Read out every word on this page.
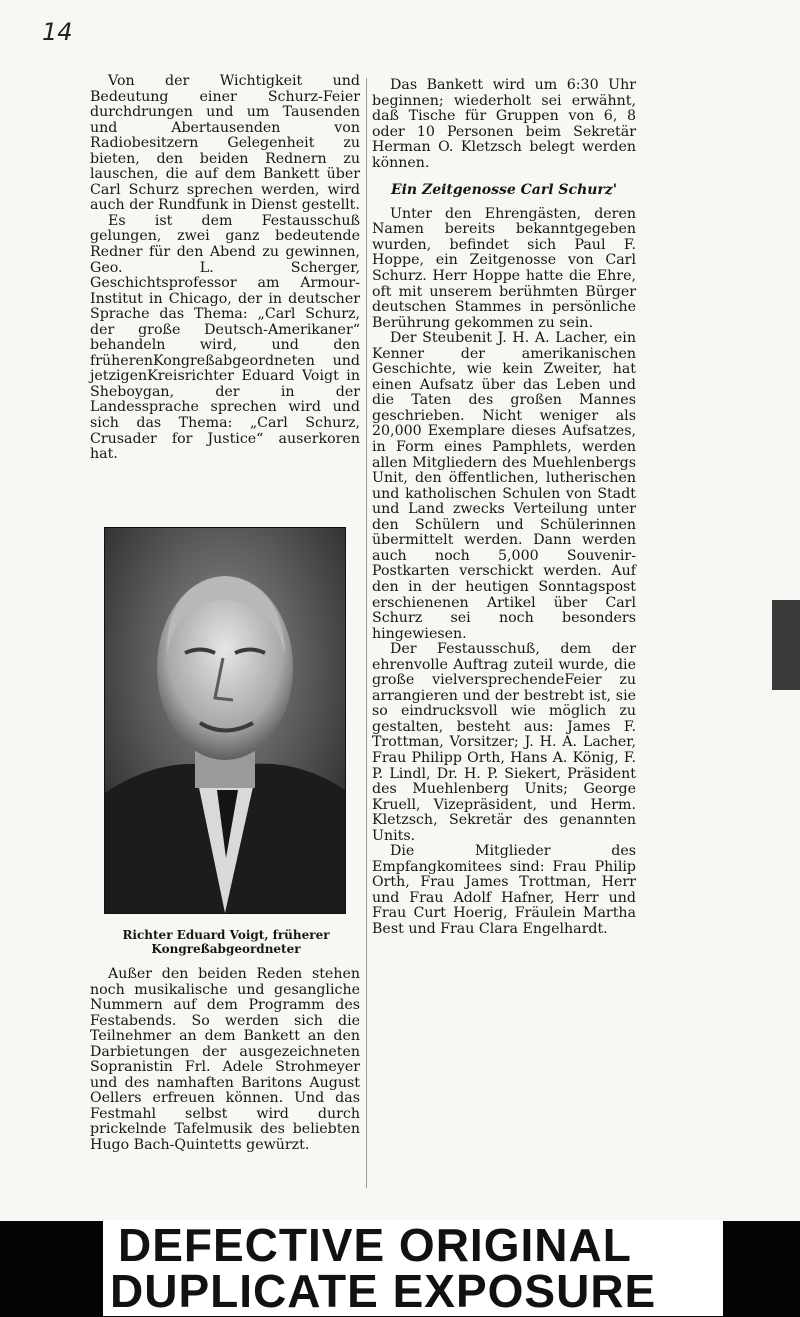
14

Von der Wichtigkeit und Bedeutung einer Schurz-Feier durchdrungen und um Tausenden und Abertausenden von Radiobesitzern Gelegenheit zu bieten, den beiden Rednern zu lauschen, die auf dem Bankett über Carl Schurz sprechen werden, wird auch der Rundfunk in Dienst gestellt.

Es ist dem Festausschuß gelungen, zwei ganz bedeutende Redner für den Abend zu gewinnen, Geo. L. Scherger, Geschichtsprofessor am Armour-Institut in Chicago, der in deutscher Sprache das Thema: „Carl Schurz, der große Deutsch-Amerikaner“ behandeln wird, und den früherenKongreßabgeordneten und jetzigenKreisrichter Eduard Voigt in Sheboygan, der in der Landessprache sprechen wird und sich das Thema: „Carl Schurz, Crusader for Justice“ auserkoren hat.

Richter Eduard Voigt, früherer Kongreßabgeordneter

Außer den beiden Reden stehen noch musikalische und gesangliche Nummern auf dem Programm des Festabends. So werden sich die Teilnehmer an dem Bankett an den Darbietungen der ausgezeichneten Sopranistin Frl. Adele Strohmeyer und des namhaften Baritons August Oellers erfreuen können. Und das Festmahl selbst wird durch prickelnde Tafelmusik des beliebten Hugo Bach-Quintetts gewürzt.

Das Bankett wird um 6:30 Uhr beginnen; wiederholt sei erwähnt, daß Tische für Gruppen von 6, 8 oder 10 Personen beim Sekretär Herman O. Kletzsch belegt werden können.

Ein Zeitgenosse Carl Schurz'

Unter den Ehrengästen, deren Namen bereits bekanntgegeben wurden, befindet sich Paul F. Hoppe, ein Zeitgenosse von Carl Schurz. Herr Hoppe hatte die Ehre, oft mit unserem berühmten Bürger deutschen Stammes in persönliche Berührung gekommen zu sein.

Der Steubenit J. H. A. Lacher, ein Kenner der amerikanischen Geschichte, wie kein Zweiter, hat einen Aufsatz über das Leben und die Taten des großen Mannes geschrieben. Nicht weniger als 20,000 Exemplare dieses Aufsatzes, in Form eines Pamphlets, werden allen Mitgliedern des Muehlenbergs Unit, den öffentlichen, lutherischen und katholischen Schulen von Stadt und Land zwecks Verteilung unter den Schülern und Schülerinnen übermittelt werden. Dann werden auch noch 5,000 Souvenir-Postkarten verschickt werden. Auf den in der heutigen Sonntagspost erschienenen Artikel über Carl Schurz sei noch besonders hingewiesen.

Der Festausschuß, dem der ehrenvolle Auftrag zuteil wurde, die große vielversprechendeFeier zu arrangieren und der bestrebt ist, sie so eindrucksvoll wie möglich zu gestalten, besteht aus: James F. Trottman, Vorsitzer; J. H. A. Lacher, Frau Philipp Orth, Hans A. König, F. P. Lindl, Dr. H. P. Siekert, Präsident des Muehlenberg Units; George Kruell, Vizepräsident, und Herm. Kletzsch, Sekretär des genannten Units.

Die Mitglieder des Empfangkomitees sind: Frau Philip Orth, Frau James Trottman, Herr und Frau Adolf Hafner, Herr und Frau Curt Hoerig, Fräulein Martha Best und Frau Clara Engelhardt.

DEFECTIVE ORIGINAL
DUPLICATE EXPOSURE
